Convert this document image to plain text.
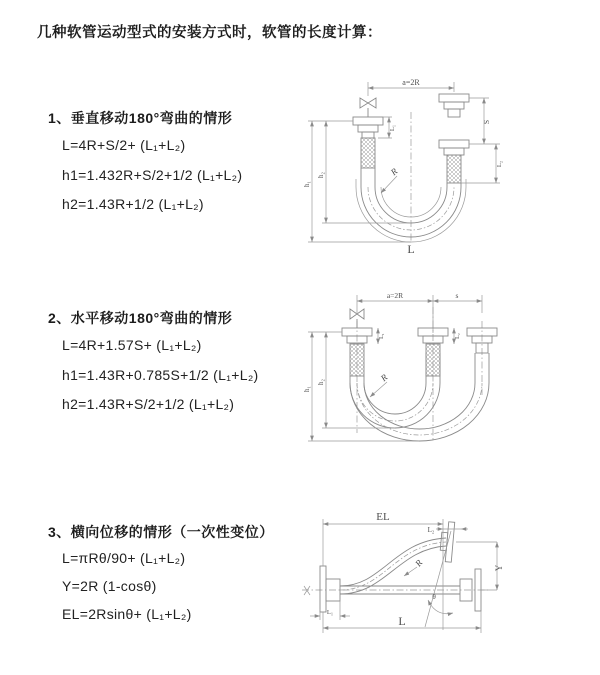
几种软管运动型式的安装方式时，软管的长度计算：
1、垂直移动180°弯曲的情形
L=4R+S/2+ (L₁+L₂)
h1=1.432R+S/2+1/2 (L₁+L₂)
h2=1.43R+1/2 (L₁+L₂)
a=2R
L₁
S
L₂
h₁
h₂	R
L
2、水平移动180°弯曲的情形
L=4R+1.57S+ (L₁+L₂)
h1=1.43R+0.785S+1/2 (L₁+L₂)
h2=1.43R+S/2+1/2 (L₁+L₂)
a=2R	s
L₁	L₂
h₁
h₂	R
3、横向位移的情形（一次性变位）
L=πRθ/90+ (L₁+L₂)
Y=2R (1-cosθ)
EL=2Rsinθ+ (L₁+L₂)
EL
L₂
Y
L
L₁
θ
R
